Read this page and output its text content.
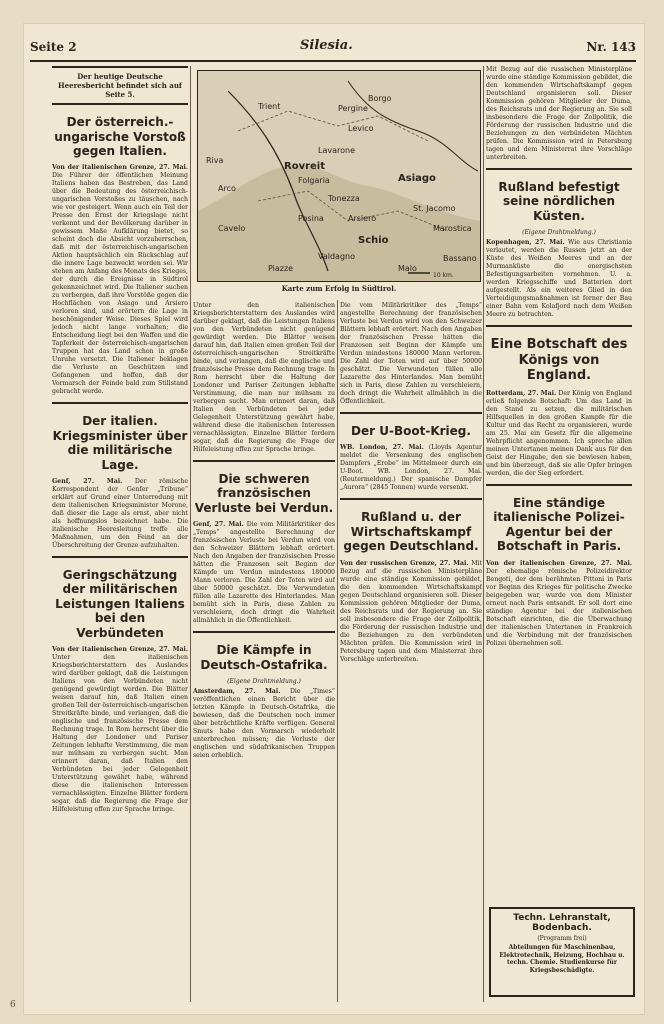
Seite 2	Silesia.	Nr. 143
Der heutige Deutsche Heeresbericht befindet sich auf Seite 5.
Der österreich.-ungarische Vorstoß gegen Italien.
Von der italienischen Grenze, 27. Mai. Die Führer der öffentlichen Meinung Italiens haben das Bestreben, das Land über die Bedeutung des österreichisch-ungarischen Vorstoßes zu täuschen, nach wie vor gesteigert. Wenn auch ein Teil der Presse den Ernst der Kriegslage nicht verkennt und der Bevölkerung darüber in gewissem Maße Aufklärung bietet, so scheint doch die Absicht vorzuherrschen, daß mit der österreichisch-ungarischen Aktion hauptsächlich ein Rückschlag auf die innere Lage bezweckt worden sei. Wir stehen am Anfang des Monats des Krieges, der durch die Ereignisse in Südtirol gekennzeichnet wird. Die Italiener suchen zu verbergen, daß ihre Vorstöße gegen die Hochflächen von Asiago und Arsiero verloren sind, und erörtern die Lage in beschönigender Weise. Dieses Spiel wird jedoch nicht lange vorhalten; die Entscheidung liegt bei den Waffen und die Tapferkeit der österreichisch-ungarischen Truppen hat das Land schon in große Unruhe versetzt. Die Italiener beklagen die Verluste an Geschützen und Gefangenen und hoffen, daß der Vormarsch der Feinde bald zum Stillstand gebracht werde.
Der italien. Kriegsminister über die militärische Lage.
Genf, 27. Mai. Der römische Korrespondent der Genfer „Tribune“ erklärt auf Grund einer Unterredung mit dem italienischen Kriegsminister Morone, daß dieser die Lage als ernst, aber nicht als hoffnungslos bezeichnet habe. Die italienische Heeresleitung treffe alle Maßnahmen, um den Feind an der Überschreitung der Grenze aufzuhalten.
Geringschätzung der militärischen Leistungen Italiens bei den Verbündeten
Von der italienischen Grenze, 27. Mai. Unter den italienischen Kriegsberichterstattern des Auslandes wird darüber geklagt, daß die Leistungen Italiens von den Verbündeten nicht genügend gewürdigt werden. Die Blätter weisen darauf hin, daß Italien einen großen Teil der österreichisch-ungarischen Streitkräfte binde, und verlangen, daß die englische und französische Presse dem Rechnung trage. In Rom herrscht über die Haltung der Londoner und Pariser Zeitungen lebhafte Verstimmung, die man nur mühsam zu verbergen sucht. Man erinnert daran, daß Italien den Verbündeten bei jeder Gelegenheit Unterstützung gewährt habe, während diese die italienischen Interessen vernachlässigten. Einzelne Blätter fordern sogar, daß die Regierung die Frage der Hilfeleistung offen zur Sprache bringe.
Trient
Borgo
Rovreit
Asiago
Riva
Arsiero
Schio
Valdagno
Marostica
St. Jacomo
Lavarone
Folgaria
Levico
Pergine
Posina
Cavelo
Arco
Tonezza
Piazze	Malo
Bassano
10 km.
Karte zum Erfolg in Südtirol.
Unter den italienischen Kriegsberichterstattern des Auslandes wird darüber geklagt, daß die Leistungen Italiens von den Verbündeten nicht genügend gewürdigt werden. Die Blätter weisen darauf hin, daß Italien einen großen Teil der österreichisch-ungarischen Streitkräfte binde, und verlangen, daß die englische und französische Presse dem Rechnung trage. In Rom herrscht über die Haltung der Londoner und Pariser Zeitungen lebhafte Verstimmung, die man nur mühsam zu verbergen sucht. Man erinnert daran, daß Italien den Verbündeten bei jeder Gelegenheit Unterstützung gewährt habe, während diese die italienischen Interessen vernachlässigten. Einzelne Blätter fordern sogar, daß die Regierung die Frage der Hilfeleistung offen zur Sprache bringe.
Die schweren französischen Verluste bei Verdun.
Genf, 27. Mai. Die vom Militärkritiker des „Temps“ angestellte Berechnung der französischen Verluste bei Verdun wird von den Schweizer Blättern lebhaft erörtert. Nach den Angaben der französischen Presse hätten die Franzosen seit Beginn der Kämpfe um Verdun mindestens 180000 Mann verloren. Die Zahl der Toten wird auf über 50000 geschätzt. Die Verwundeten füllen alle Lazarette des Hinterlandes. Man bemüht sich in Paris, diese Zahlen zu verschleiern, doch dringt die Wahrheit allmählich in die Öffentlichkeit.
Die Kämpfe in Deutsch-Ostafrika.
(Eigene Drahtmeldung.)
Amsterdam, 27. Mai. Die „Times“ veröffentlichen einen Bericht über die letzten Kämpfe in Deutsch-Ostafrika, die bewiesen, daß die Deutschen noch immer über beträchtliche Kräfte verfügen. General Smuts habe den Vormarsch wiederholt unterbrechen müssen; die Verluste der englischen und südafrikanischen Truppen seien erheblich.
Die vom Militärkritiker des „Temps“ angestellte Berechnung der französischen Verluste bei Verdun wird von den Schweizer Blättern lebhaft erörtert. Nach den Angaben der französischen Presse hätten die Franzosen seit Beginn der Kämpfe um Verdun mindestens 180000 Mann verloren. Die Zahl der Toten wird auf über 50000 geschätzt. Die Verwundeten füllen alle Lazarette des Hinterlandes. Man bemüht sich in Paris, diese Zahlen zu verschleiern, doch dringt die Wahrheit allmählich in die Öffentlichkeit.
Der U-Boot-Krieg.
WB. London, 27. Mai. (Lloyds Agentur meldet die Versenkung des englischen Dampfers „Erobe“ im Mittelmeer durch ein U-Boot. WB. London, 27. Mai. (Reutermeldung.) Der spanische Dampfer „Aurora“ (2845 Tonnen) wurde versenkt.
Rußland u. der Wirtschaftskampf gegen Deutschland.
Von der russischen Grenze, 27. Mai. Mit Bezug auf die russischen Ministerpläne wurde eine ständige Kommission gebildet, die den kommenden Wirtschaftskampf gegen Deutschland organisieren soll. Dieser Kommission gehören Mitglieder der Duma, des Reichsrats und der Regierung an. Sie soll insbesondere die Frage der Zollpolitik, die Förderung der russischen Industrie und die Beziehungen zu den verbündeten Mächten prüfen. Die Kommission wird in Petersburg tagen und dem Ministerrat ihre Vorschläge unterbreiten.
Mit Bezug auf die russischen Ministerpläne wurde eine ständige Kommission gebildet, die den kommenden Wirtschaftskampf gegen Deutschland organisieren soll. Dieser Kommission gehören Mitglieder der Duma, des Reichsrats und der Regierung an. Sie soll insbesondere die Frage der Zollpolitik, die Förderung der russischen Industrie und die Beziehungen zu den verbündeten Mächten prüfen. Die Kommission wird in Petersburg tagen und dem Ministerrat ihre Vorschläge unterbreiten.
Rußland befestigt seine nördlichen Küsten.
(Eigene Drahtmeldung.)
Kopenhagen, 27. Mai. Wie aus Christiania verlautet, werden die Russen jetzt an der Küste des Weißen Meeres und an der Murmanküste die energischsten Befestigungsarbeiten vornehmen. U. a. werden Kriegsschiffe und Batterien dort aufgestellt. Als ein weiteres Glied in den Verteidigungsmaßnahmen ist ferner der Bau einer Bahn vom Kolafjord nach dem Weißen Meere zu betrachten.
Eine Botschaft des Königs von England.
Rotterdam, 27. Mai. Der König von England erließ folgende Botschaft: Um das Land in den Stand zu setzen, die militärischen Hilfsquellen in den großen Kampfe für die Kultur und das Recht zu organisieren, wurde am 25. Mai ein Gesetz für die allgemeine Wehrpflicht angenommen. Ich spreche allen meinen Untertanen meinen Dank aus für den Geist der Hingabe, den sie bewiesen haben, und bin überzeugt, daß sie alle Opfer bringen werden, die der Sieg erfordert.
Eine ständige italienische Polizei-Agentur bei der Botschaft in Paris.
Von der italienischen Grenze, 27. Mai. Der ehemalige römische Polizeidirektor Bengoti, der dem berühmten Pittoni in Paris vor Beginn des Krieges für politische Zwecke beigegeben war, wurde von dem Minister erneut nach Paris entsandt. Er soll dort eine ständige Agentur bei der italienischen Botschaft einrichten, die die Überwachung der italienischen Untertanen in Frankreich und die Verbindung mit der französischen Polizei übernehmen soll.
Techn. Lehranstalt, Bodenbach.
(Programm frei)
Abteilungen für Maschinenbau, Elektrotechnik, Heizung, Hochbau u. techn. Chemie. Studienkurse für Kriegsbeschädigte.
6
